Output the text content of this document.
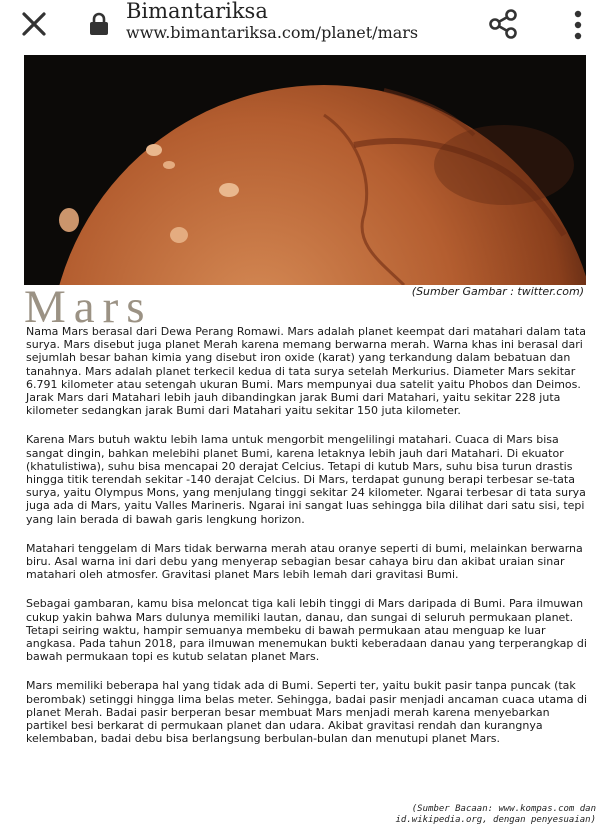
Bimantariksa
www.bimantariksa.com/planet/mars
(Sumber Gambar : twitter.com)
Mars

Nama Mars berasal dari Dewa Perang Romawi. Mars adalah planet keempat dari matahari dalam tata surya. Mars disebut juga planet Merah karena memang berwarna merah. Warna khas ini berasal dari sejumlah besar bahan kimia yang disebut iron oxide (karat) yang terkandung dalam bebatuan dan tanahnya. Mars adalah planet terkecil kedua di tata surya setelah Merkurius. Diameter Mars sekitar 6.791 kilometer atau setengah ukuran Bumi. Mars mempunyai dua satelit yaitu Phobos dan Deimos. Jarak Mars dari Matahari lebih jauh dibandingkan jarak Bumi dari Matahari, yaitu sekitar 228 juta kilometer sedangkan jarak Bumi dari Matahari yaitu sekitar 150 juta kilometer.

Karena Mars butuh waktu lebih lama untuk mengorbit mengelilingi matahari. Cuaca di Mars bisa sangat dingin, bahkan melebihi planet Bumi, karena letaknya lebih jauh dari Matahari. Di ekuator (khatulistiwa), suhu bisa mencapai 20 derajat Celcius. Tetapi di kutub Mars, suhu bisa turun drastis hingga titik terendah sekitar -140 derajat Celcius. Di Mars, terdapat gunung berapi terbesar se-tata surya, yaitu Olympus Mons, yang menjulang tinggi sekitar 24 kilometer. Ngarai terbesar di tata surya juga ada di Mars, yaitu Valles Marineris. Ngarai ini sangat luas sehingga bila dilihat dari satu sisi, tepi yang lain berada di bawah garis lengkung horizon.

Matahari tenggelam di Mars tidak berwarna merah atau oranye seperti di bumi, melainkan berwarna biru. Asal warna ini dari debu yang menyerap sebagian besar cahaya biru dan akibat uraian sinar matahari oleh atmosfer. Gravitasi planet Mars lebih lemah dari gravitasi Bumi.

Sebagai gambaran, kamu bisa meloncat tiga kali lebih tinggi di Mars daripada di Bumi. Para ilmuwan cukup yakin bahwa Mars dulunya memiliki lautan, danau, dan sungai di seluruh permukaan planet. Tetapi seiring waktu, hampir semuanya membeku di bawah permukaan atau menguap ke luar angkasa. Pada tahun 2018, para ilmuwan menemukan bukti keberadaan danau yang terperangkap di bawah permukaan topi es kutub selatan planet Mars.

Mars memiliki beberapa hal yang tidak ada di Bumi. Seperti ter, yaitu bukit pasir tanpa puncak (tak berombak) setinggi hingga lima belas meter. Sehingga, badai pasir menjadi ancaman cuaca utama di planet Merah. Badai pasir berperan besar membuat Mars menjadi merah karena menyebarkan partikel besi berkarat di permukaan planet dan udara. Akibat gravitasi rendah dan kurangnya kelembaban, badai debu bisa berlangsung berbulan-bulan dan menutupi planet Mars.

(Sumber Bacaan: www.kompas.com dan
id.wikipedia.org, dengan penyesuaian)
